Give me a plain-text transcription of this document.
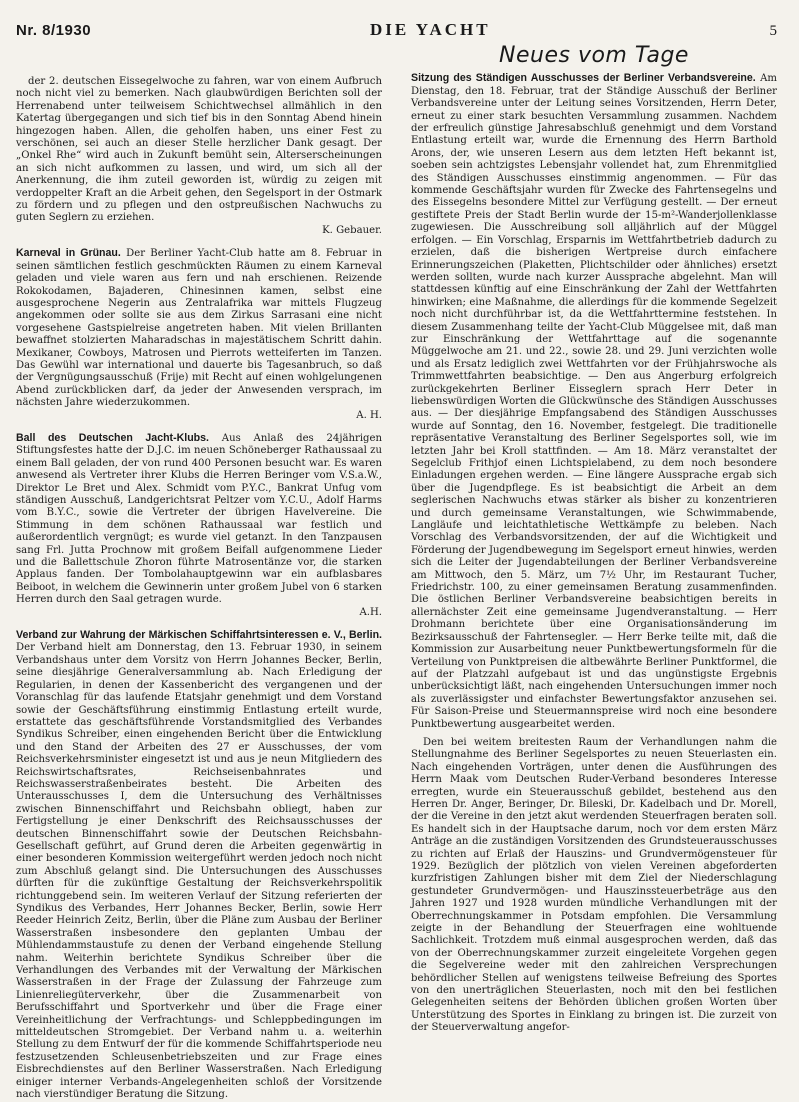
Nr. 8/1930	DIE YACHT	5

der 2. deutschen Eissegelwoche zu fahren, war von einem Aufbruch noch nicht viel zu bemerken. Nach glaubwürdigen Berichten soll der Herrenabend unter teilweisem Schichtwechsel allmählich in den Katertag übergegangen und sich tief bis in den Sonntag Abend hinein hingezogen haben. Allen, die geholfen haben, uns einer Fest zu verschönen, sei auch an dieser Stelle herzlicher Dank gesagt. Der „Onkel Rhe“ wird auch in Zukunft bemüht sein, Alterserscheinungen an sich nicht aufkommen zu lassen, und wird, um sich all der Anerkennung, die ihm zuteil geworden ist, würdig zu zeigen mit verdoppelter Kraft an die Arbeit gehen, den Segelsport in der Ostmark zu fördern und zu pflegen und den ostpreußischen Nachwuchs zu guten Seglern zu erziehen.
K. Gebauer.

Karneval in Grünau. Der Berliner Yacht-Club hatte am 8. Februar in seinen sämtlichen festlich geschmückten Räumen zu einem Karneval geladen und viele waren aus fern und nah erschienen. Reizende Rokokodamen, Bajaderen, Chinesinnen kamen, selbst eine ausgesprochene Negerin aus Zentralafrika war mittels Flugzeug angekommen oder sollte sie aus dem Zirkus Sarrasani eine nicht vorgesehene Gastspielreise angetreten haben. Mit vielen Brillanten bewaffnet stolzierten Maharadschas in majestätischem Schritt dahin. Mexikaner, Cowboys, Matrosen und Pierrots wetteiferten im Tanzen. Das Gewühl war international und dauerte bis Tagesanbruch, so daß der Vergnügungsausschuß (Frije) mit Recht auf einen wohlgelungenen Abend zurückblicken darf, da jeder der Anwesenden versprach, im nächsten Jahre wiederzukommen.
A. H.

Ball des Deutschen Jacht-Klubs. Aus Anlaß des 24jährigen Stiftungsfestes hatte der D.J.C. im neuen Schöneberger Rathaussaal zu einem Ball geladen, der von rund 400 Personen besucht war. Es waren anwesend als Vertreter ihrer Klubs die Herren Beringer vom V.S.a.W., Direktor Le Bret und Alex. Schmidt vom P.Y.C., Bankrat Unfug vom ständigen Ausschuß, Landgerichtsrat Peltzer vom Y.C.U., Adolf Harms vom B.Y.C., sowie die Vertreter der übrigen Havelvereine. Die Stimmung in dem schönen Rathaussaal war festlich und außerordentlich vergnügt; es wurde viel getanzt. In den Tanzpausen sang Frl. Jutta Prochnow mit großem Beifall aufgenommene Lieder und die Ballettschule Zhoron führte Matrosentänze vor, die starken Applaus fanden. Der Tombolahauptgewinn war ein aufblasbares Beiboot, in welchem die Gewinnerin unter großem Jubel von 6 starken Herren durch den Saal getragen wurde.
A.H.

Verband zur Wahrung der Märkischen Schiffahrtsinteressen e. V., Berlin. Der Verband hielt am Donnerstag, den 13. Februar 1930, in seinem Verbandshaus unter dem Vorsitz von Herrn Johannes Becker, Berlin, seine diesjährige Generalversammlung ab. Nach Erledigung der Regularien, in denen der Kassenbericht des vergangenen und der Voranschlag für das laufende Etatsjahr genehmigt und dem Vorstand sowie der Geschäftsführung einstimmig Entlastung erteilt wurde, erstattete das geschäftsführende Vorstandsmitglied des Verbandes Syndikus Schreiber, einen eingehenden Bericht über die Entwicklung und den Stand der Arbeiten des 27 er Ausschusses, der vom Reichsverkehrsminister eingesetzt ist und aus je neun Mitgliedern des Reichswirtschaftsrates, Reichseisenbahnrates und Reichswasserstraßenbeirates besteht. Die Arbeiten des Unterausschusses I, dem die Untersuchung des Verhältnisses zwischen Binnenschiffahrt und Reichsbahn obliegt, haben zur Fertigstellung je einer Denkschrift des Reichsausschusses der deutschen Binnenschiffahrt sowie der Deutschen Reichsbahn-Gesellschaft geführt, auf Grund deren die Arbeiten gegenwärtig in einer besonderen Kommission weitergeführt werden jedoch noch nicht zum Abschluß gelangt sind. Die Untersuchungen des Ausschusses dürften für die zukünftige Gestaltung der Reichsverkehrspolitik richtunggebend sein. Im weiteren Verlauf der Sitzung referierten der Syndikus des Verbandes, Herr Johannes Becker, Berlin, sowie Herr Reeder Heinrich Zeitz, Berlin, über die Pläne zum Ausbau der Berliner Wasserstraßen insbesondere den geplanten Umbau der Mühlendammstaustufe zu denen der Verband eingehende Stellung nahm. Weiterhin berichtete Syndikus Schreiber über die Verhandlungen des Verbandes mit der Verwaltung der Märkischen Wasserstraßen in der Frage der Zulassung der Fahrzeuge zum Linienreliegüterverkehr, über die Zusammenarbeit von Berufsschiffahrt und Sportverkehr und über die Frage einer Vereinheitlichung der Verfrachtungs- und Schleppbedingungen im mitteldeutschen Stromgebiet. Der Verband nahm u. a. weiterhin Stellung zu dem Entwurf der für die kommende Schiffahrtsperiode neu festzusetzenden Schleusenbetriebszeiten und zur Frage eines Eisbrechdienstes auf den Berliner Wasserstraßen. Nach Erledigung einiger interner Verbands-Angelegenheiten schloß der Vorsitzende nach vierstündiger Beratung die Sitzung.

Neues vom Tage

Sitzung des Ständigen Ausschusses der Berliner Verbandsvereine. Am Dienstag, den 18. Februar, trat der Ständige Ausschuß der Berliner Verbandsvereine unter der Leitung seines Vorsitzenden, Herrn Deter, erneut zu einer stark besuchten Versammlung zusammen. Nachdem der erfreulich günstige Jahresabschluß genehmigt und dem Vorstand Entlastung erteilt war, wurde die Ernennung des Herrn Barthold Arons, der, wie unseren Lesern aus dem letzten Heft bekannt ist, soeben sein achtzigstes Lebensjahr vollendet hat, zum Ehrenmitglied des Ständigen Ausschusses einstimmig angenommen. — Für das kommende Geschäftsjahr wurden für Zwecke des Fahrtensegelns und des Eissegelns besondere Mittel zur Verfügung gestellt. — Der erneut gestiftete Preis der Stadt Berlin wurde der 15-m²-Wanderjollenklasse zugewiesen. Die Ausschreibung soll alljährlich auf der Müggel erfolgen. — Ein Vorschlag, Ersparnis im Wettfahrtbetrieb dadurch zu erzielen, daß die bisherigen Wertpreise durch einfachere Erinnerungszeichen (Plaketten, Plichtschilder oder ähnliches) ersetzt werden sollten, wurde nach kurzer Aussprache abgelehnt. Man will stattdessen künftig auf eine Einschränkung der Zahl der Wettfahrten hinwirken; eine Maßnahme, die allerdings für die kommende Segelzeit noch nicht durchführbar ist, da die Wettfahrttermine feststehen. In diesem Zusammenhang teilte der Yacht-Club Müggelsee mit, daß man zur Einschränkung der Wettfahrttage auf die sogenannte Müggelwoche am 21. und 22., sowie 28. und 29. Juni verzichten wolle und als Ersatz lediglich zwei Wettfahrten vor der Frühjahrswoche als Trimmwettfahrten beabsichtige. — Den aus Angerburg erfolgreich zurückgekehrten Berliner Eisseglern sprach Herr Deter in liebenswürdigen Worten die Glückwünsche des Ständigen Ausschusses aus. — Der diesjährige Empfangsabend des Ständigen Ausschusses wurde auf Sonntag, den 16. November, festgelegt. Die traditionelle repräsentative Veranstaltung des Berliner Segelsportes soll, wie im letzten Jahr bei Kroll stattfinden. — Am 18. März veranstaltet der Segelclub Frithjof einen Lichtspielabend, zu dem noch besondere Einladungen ergehen werden. — Eine längere Aussprache ergab sich über die Jugendpflege. Es ist beabsichtigt die Arbeit an dem seglerischen Nachwuchs etwas stärker als bisher zu konzentrieren und durch gemeinsame Veranstaltungen, wie Schwimmabende, Langläufe und leichtathletische Wettkämpfe zu beleben. Nach Vorschlag des Verbandsvorsitzenden, der auf die Wichtigkeit und Förderung der Jugendbewegung im Segelsport erneut hinwies, werden sich die Leiter der Jugendabteilungen der Berliner Verbandsvereine am Mittwoch, den 5. März, um 7½ Uhr, im Restaurant Tucher, Friedrichstr. 100, zu einer gemeinsamen Beratung zusammenfinden. Die östlichen Berliner Verbandsvereine beabsichtigen bereits in allernächster Zeit eine gemeinsame Jugendveranstaltung. — Herr Drohmann berichtete über eine Organisationsänderung im Bezirksausschuß der Fahrtensegler. — Herr Berke teilte mit, daß die Kommission zur Ausarbeitung neuer Punktbewertungsformeln für die Verteilung von Punktpreisen die altbewährte Berliner Punktformel, die auf der Platzzahl aufgebaut ist und das ungünstigste Ergebnis unberücksichtigt läßt, nach eingehenden Untersuchungen immer noch als zuverlässigster und einfachster Bewertungsfaktor anzusehen sei. Für Saison-Preise und Steuermannspreise wird noch eine besondere Punktbewertung ausgearbeitet werden.

Den bei weitem breitesten Raum der Verhandlungen nahm die Stellungnahme des Berliner Segelsportes zu neuen Steuerlasten ein. Nach eingehenden Vorträgen, unter denen die Ausführungen des Herrn Maak vom Deutschen Ruder-Verband besonderes Interesse erregten, wurde ein Steuerausschuß gebildet, bestehend aus den Herren Dr. Anger, Beringer, Dr. Bileski, Dr. Kadelbach und Dr. Morell, der die Vereine in den jetzt akut werdenden Steuerfragen beraten soll. Es handelt sich in der Hauptsache darum, noch vor dem ersten März Anträge an die zuständigen Vorsitzenden des Grundsteuerausschusses zu richten auf Erlaß der Hauszins- und Grundvermögensteuer für 1929. Bezüglich der plötzlich von vielen Vereinen abgeforderten kurzfristigen Zahlungen bisher mit dem Ziel der Niederschlagung gestundeter Grundvermögen- und Hauszinssteuerbeträge aus den Jahren 1927 und 1928 wurden mündliche Verhandlungen mit der Oberrechnungskammer in Potsdam empfohlen. Die Versammlung zeigte in der Behandlung der Steuerfragen eine wohltuende Sachlichkeit. Trotzdem muß einmal ausgesprochen werden, daß das von der Oberrechnungskammer zurzeit eingeleitete Vorgehen gegen die Segelvereine weder mit den zahlreichen Versprechungen behördlicher Stellen auf wenigstens teilweise Befreiung des Sportes von den unerträglichen Steuerlasten, noch mit den bei festlichen Gelegenheiten seitens der Behörden üblichen großen Worten über Unterstützung des Sportes in Einklang zu bringen ist. Die zurzeit von der Steuerverwaltung angefor-
